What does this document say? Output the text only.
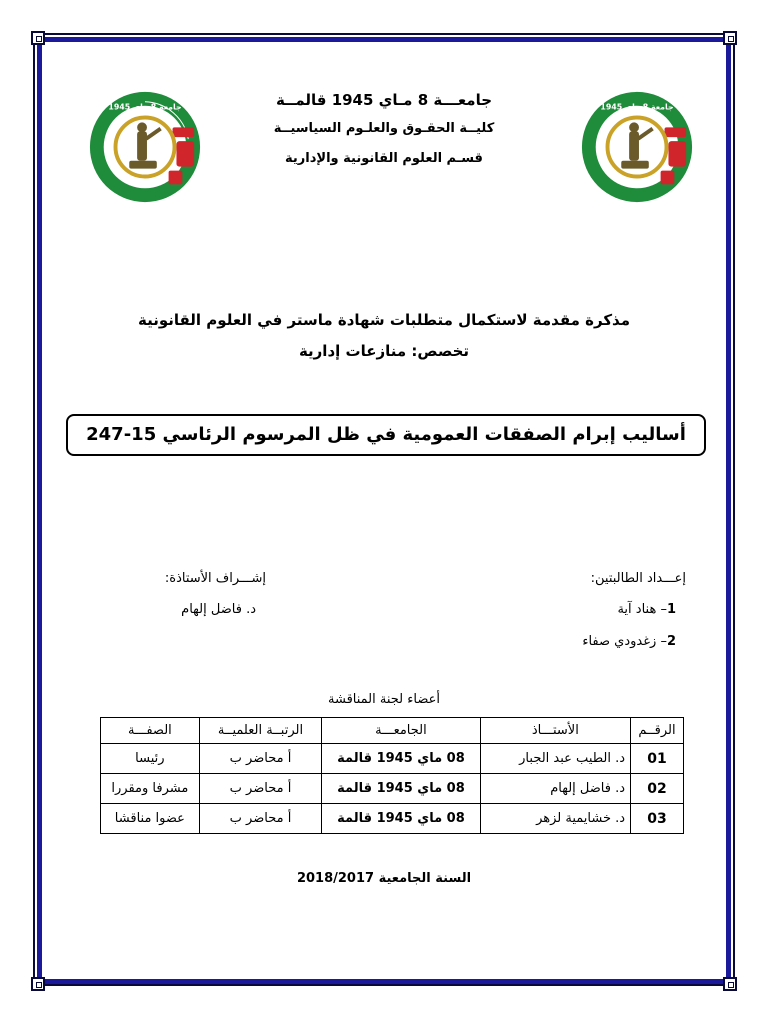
جامعة 8 ماي 1945	جامعة 8 ماي 1945
جامعـــة 8 مـاي 1945 قالمــة
كليــة الحقـوق والعلـوم السياسيــة
قسـم العلوم القانونية والإدارية
مذكرة مقدمة لاستكمال متطلبات شهادة ماستر في العلوم القانونية
تخصص: منازعات إدارية
أساليب إبرام الصفقات العمومية في ظل المرسوم الرئاسي 15-247
إعـــداد الطالبتين:
1– هناد آية
2– زغدودي صفاء
إشـــراف الأستاذة:
د. فاضل إلهام
أعضاء لجنة المناقشة
الرقــم	الأستـــاذ	الجامعـــة	الرتبــة العلميــة	الصفـــة
01	د. الطيب عبد الجبار	08 ماي 1945 قالمة	أ محاضر ب	رئيسا
02	د. فاضل إلهام	08 ماي 1945 قالمة	أ محاضر ب	مشرفا ومقررا
03	د. خشايمية لزهر	08 ماي 1945 قالمة	أ محاضر ب	عضوا مناقشا
السنة الجامعية 2018/2017
